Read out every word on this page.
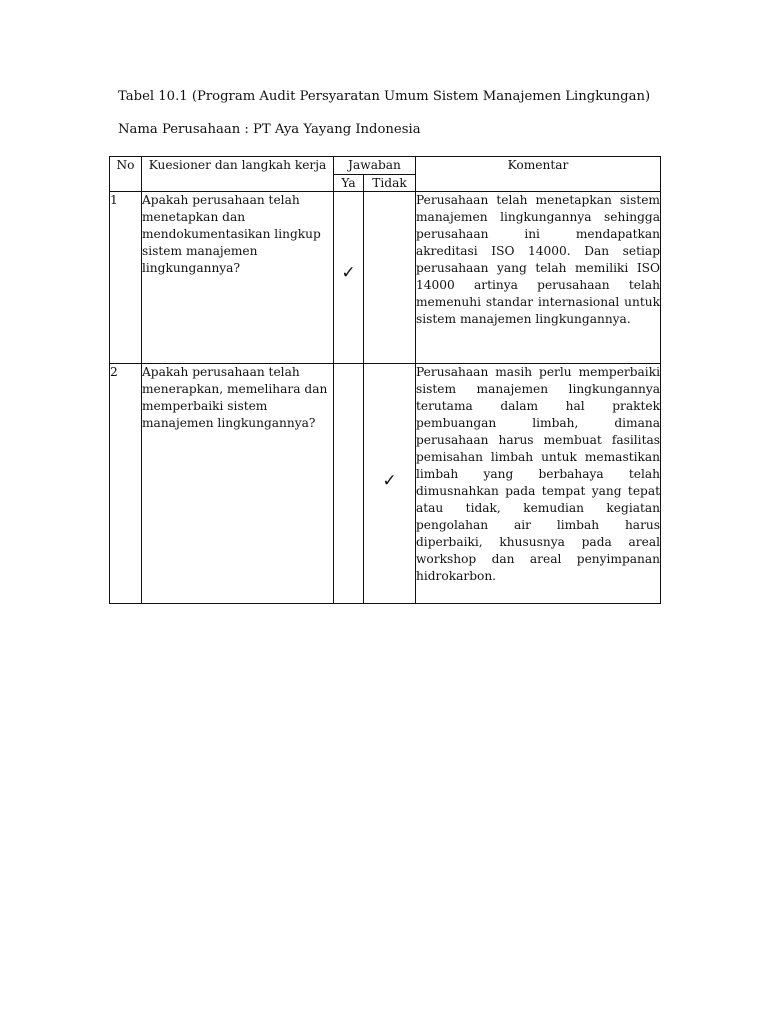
Tabel 10.1 (Program Audit Persyaratan Umum Sistem Manajemen Lingkungan)
Nama Perusahaan : PT Aya Yayang Indonesia
No	Kuesioner dan langkah kerja	Jawaban		Komentar
		Ya	Tidak	
1	Apakah perusahaan telah menetapkan dan mendokumentasikan lingkup sistem manajemen lingkungannya?	✓		Perusahaan telah menetapkan sistem manajemen lingkungannya sehingga perusahaan ini mendapatkan akreditasi ISO 14000. Dan setiap perusahaan yang telah memiliki ISO 14000 artinya perusahaan telah memenuhi standar internasional untuk sistem manajemen lingkungannya.
2	Apakah perusahaan telah menerapkan, memelihara dan memperbaiki sistem manajemen lingkungannya?		✓	Perusahaan masih perlu memperbaiki sistem manajemen lingkungannya terutama dalam hal praktek pembuangan limbah, dimana perusahaan harus membuat fasilitas pemisahan limbah untuk memastikan limbah yang berbahaya telah dimusnahkan pada tempat yang tepat atau tidak, kemudian kegiatan pengolahan air limbah harus diperbaiki, khususnya pada areal workshop dan areal penyimpanan hidrokarbon.
